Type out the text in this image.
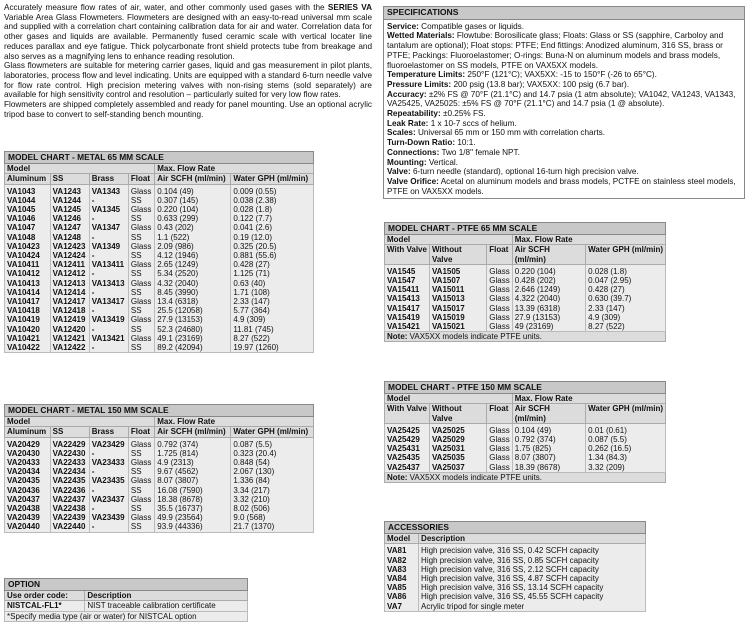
Accurately measure flow rates of air, water, and other commonly used gases with the SERIES VA Variable Area Glass Flowmeters. Flowmeters are designed with an easy-to-read universal mm scale and supplied with a correlation chart containing calibration data for air and water. Correlation data for other gases and liquids are available. Permanently fused ceramic scale with vertical locater line reduces parallax and eye fatigue. Thick polycarbonate front shield protects tube from breakage and also serves as a magnifying lens to enhance reading resolution.

Glass flowmeters are suitable for metering carrier gases, liquid and gas measurement in pilot plants, laboratories, process flow and level indicating. Units are equipped with a standard 6-turn needle valve for flow rate control. High precision metering valves with non-rising stems (sold separately) are available for high sensitivity control and resolution – particularly suited for very low flow rates.

Flowmeters are shipped completely assembled and ready for panel mounting. Use an optional acrylic tripod base to convert to self-standing bench mounting.

MODEL CHART - METAL 65 MM SCALE					
Model				Max. Flow Rate	
Aluminum	SS	Brass	Float	Air SCFH (ml/min)	Water GPH (ml/min)
VA1043	VA1243	VA1343	Glass	0.104 (49)	0.009 (0.55)
VA1044	VA1244	-	SS	0.307 (145)	0.038 (2.38)
VA1045	VA1245	VA1345	Glass	0.220 (104)	0.028 (1.8)
VA1046	VA1246	-	SS	0.633 (299)	0.122 (7.7)
VA1047	VA1247	VA1347	Glass	0.43 (202)	0.041 (2.6)
VA1048	VA1248	-	SS	1.1 (522)	0.19 (12.0)
VA10423	VA12423	VA1349	Glass	2.09 (986)	0.325 (20.5)
VA10424	VA12424	-	SS	4.12 (1946)	0.881 (55.6)
VA10411	VA12411	VA13411	Glass	2.65 (1249)	0.428 (27)
VA10412	VA12412	-	SS	5.34 (2520)	1.125 (71)
VA10413	VA12413	VA13413	Glass	4.32 (2040)	0.63 (40)
VA10414	VA12414	-	SS	8.45 (3990)	1.71 (108)
VA10417	VA12417	VA13417	Glass	13.4 (6318)	2.33 (147)
VA10418	VA12418	-	SS	25.5 (12058)	5.77 (364)
VA10419	VA12419	VA13419	Glass	27.9 (13153)	4.9 (309)
VA10420	VA12420	-	SS	52.3 (24680)	11.81 (745)
VA10421	VA12421	VA13421	Glass	49.1 (23169)	8.27 (522)
VA10422	VA12422	-	SS	89.2 (42094)	19.97 (1260)
MODEL CHART - METAL 150 MM SCALE					
Model				Max. Flow Rate	
Aluminum	SS	Brass	Float	Air SCFH (ml/min)	Water GPH (ml/min)
VA20429	VA22429	VA23429	Glass	0.792 (374)	0.087 (5.5)
VA20430	VA22430	-	SS	1.725 (814)	0.323 (20.4)
VA20433	VA22433	VA23433	Glass	4.9 (2313)	0.848 (54)
VA20434	VA22434	-	SS	9.67 (4562)	2.067 (130)
VA20435	VA22435	VA23435	Glass	8.07 (3807)	1.336 (84)
VA20436	VA22436	-	SS	16.08 (7590)	3.34 (217)
VA20437	VA22437	VA23437	Glass	18.38 (8678)	3.32 (210)
VA20438	VA22438	-	SS	35.5 (16737)	8.02 (506)
VA20439	VA22439	VA23439	Glass	49.9 (23564)	9.0 (568)
VA20440	VA22440	-	SS	93.9 (44336)	21.7 (1370)
OPTION	
Use order code:	Description
NISTCAL-FL1*	NIST traceable calibration certificate
*Specify media type (air or water) for NISTCAL option	
SPECIFICATIONS

Service: Compatible gases or liquids.

Wetted Materials: Flowtube: Borosilicate glass; Floats: Glass or SS (sapphire, Carboloy and tantalum are optional); Float stops: PTFE; End fittings: Anodized aluminum, 316 SS, brass or PTFE; Packings: Fluoroelastomer; O-rings: Buna-N on aluminum models and brass models, fluoroelastomer on SS models, PTFE on VAX5XX models.

Temperature Limits: 250°F (121°C); VAX5XX: -15 to 150°F (-26 to 65°C).

Pressure Limits: 200 psig (13.8 bar); VAX5XX: 100 psig (6.7 bar).

Accuracy: ±2% FS @ 70°F (21.1°C) and 14.7 psia (1 atm absolute); VA1042, VA1243, VA1343, VA25425, VA25025: ±5% FS @ 70°F (21.1°C) and 14.7 psia (1 @ absolute).

Repeatability: ±0.25% FS.

Leak Rate: 1 x 10-7 sccs of helium.

Scales: Universal 65 mm or 150 mm with correlation charts.

Turn-Down Ratio: 10:1.

Connections: Two 1/8" female NPT.

Mounting: Vertical.

Valve: 6-turn needle (standard), optional 16-turn high precision valve.

Valve Orifice: Acetal on aluminum models and brass models, PCTFE on stainless steel models, PTFE on VAX5XX models.

MODEL CHART - PTFE 65 MM SCALE				
Model			Max. Flow Rate	
With Valve	Without Valve	Float	Air SCFH (ml/min)	Water GPH (ml/min)
VA1545	VA1505	Glass	0.220 (104)	0.028 (1.8)
VA1547	VA1507	Glass	0.428 (202)	0.047 (2.95)
VA15411	VA15011	Glass	2.646 (1249)	0.428 (27)
VA15413	VA15013	Glass	4.322 (2040)	0.630 (39.7)
VA15417	VA15017	Glass	13.39 (6318)	2.33 (147)
VA15419	VA15019	Glass	27.9 (13153)	4.9 (309)
VA15421	VA15021	Glass	49 (23169)	8.27 (522)
Note: VAX5XX models indicate PTFE units.				
MODEL CHART - PTFE 150 MM SCALE				
Model			Max. Flow Rate	
With Valve	Without Valve	Float	Air SCFH (ml/min)	Water GPH (ml/min)
VA25425	VA25025	Glass	0.104 (49)	0.01 (0.61)
VA25429	VA25029	Glass	0.792 (374)	0.087 (5.5)
VA25431	VA25031	Glass	1.75 (825)	0.262 (16.5)
VA25435	VA25035	Glass	8.07 (3807)	1.34 (84.3)
VA25437	VA25037	Glass	18.39 (8678)	3.32 (209)
Note: VAX5XX models indicate PTFE units.				
ACCESSORIES	
Model	Description
VA81	High precision valve, 316 SS, 0.42 SCFH capacity
VA82	High precision valve, 316 SS, 0.85 SCFH capacity
VA83	High precision valve, 316 SS, 2.12 SCFH capacity
VA84	High precision valve, 316 SS, 4.87 SCFH capacity
VA85	High precision valve, 316 SS, 13.14 SCFH capacity
VA86	High precision valve, 316 SS, 45.55 SCFH capacity
VA7	Acrylic tripod for single meter
